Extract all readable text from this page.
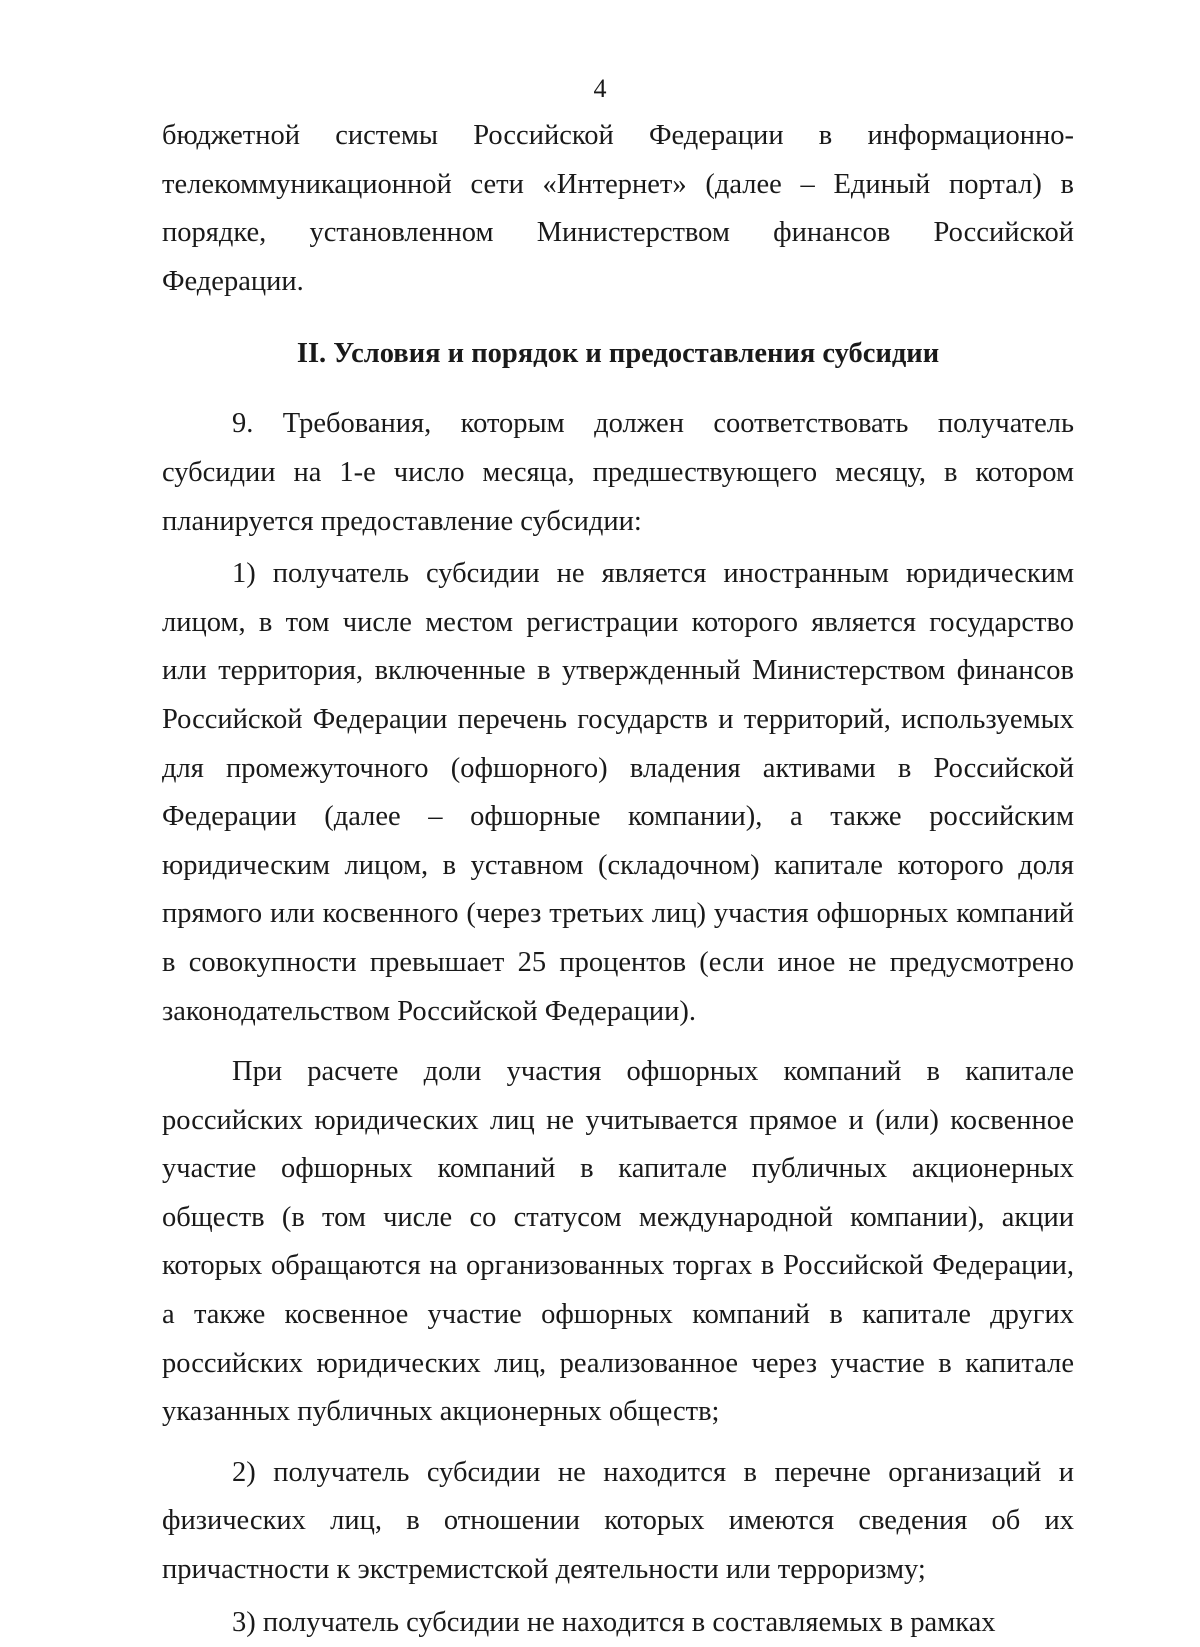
4

бюджетной системы Российской Федерации в информационно-телекоммуникационной сети «Интернет» (далее – Единый портал) в порядке, установленном Министерством финансов Российской Федерации.

II. Условия и порядок и предоставления субсидии

9. Требования, которым должен соответствовать получатель субсидии на 1-е число месяца, предшествующего месяцу, в котором планируется предоставление субсидии:

1) получатель субсидии не является иностранным юридическим лицом, в том числе местом регистрации которого является государство или территория, включенные в утвержденный Министерством финансов Российской Федерации перечень государств и территорий, используемых для промежуточного (офшорного) владения активами в Российской Федерации (далее – офшорные компании), а также российским юридическим лицом, в уставном (складочном) капитале которого доля прямого или косвенного (через третьих лиц) участия офшорных компаний в совокупности превышает 25 процентов (если иное не предусмотрено законодательством Российской Федерации).

При расчете доли участия офшорных компаний в капитале российских юридических лиц не учитывается прямое и (или) косвенное участие офшорных компаний в капитале публичных акционерных обществ (в том числе со статусом международной компании), акции которых обращаются на организованных торгах в Российской Федерации, а также косвенное участие офшорных компаний в капитале других российских юридических лиц, реализованное через участие в капитале указанных публичных акционерных обществ;

2) получатель субсидии не находится в перечне организаций и физических лиц, в отношении которых имеются сведения об их причастности к экстремистской деятельности или терроризму;

3) получатель субсидии не находится в составляемых в рамках
